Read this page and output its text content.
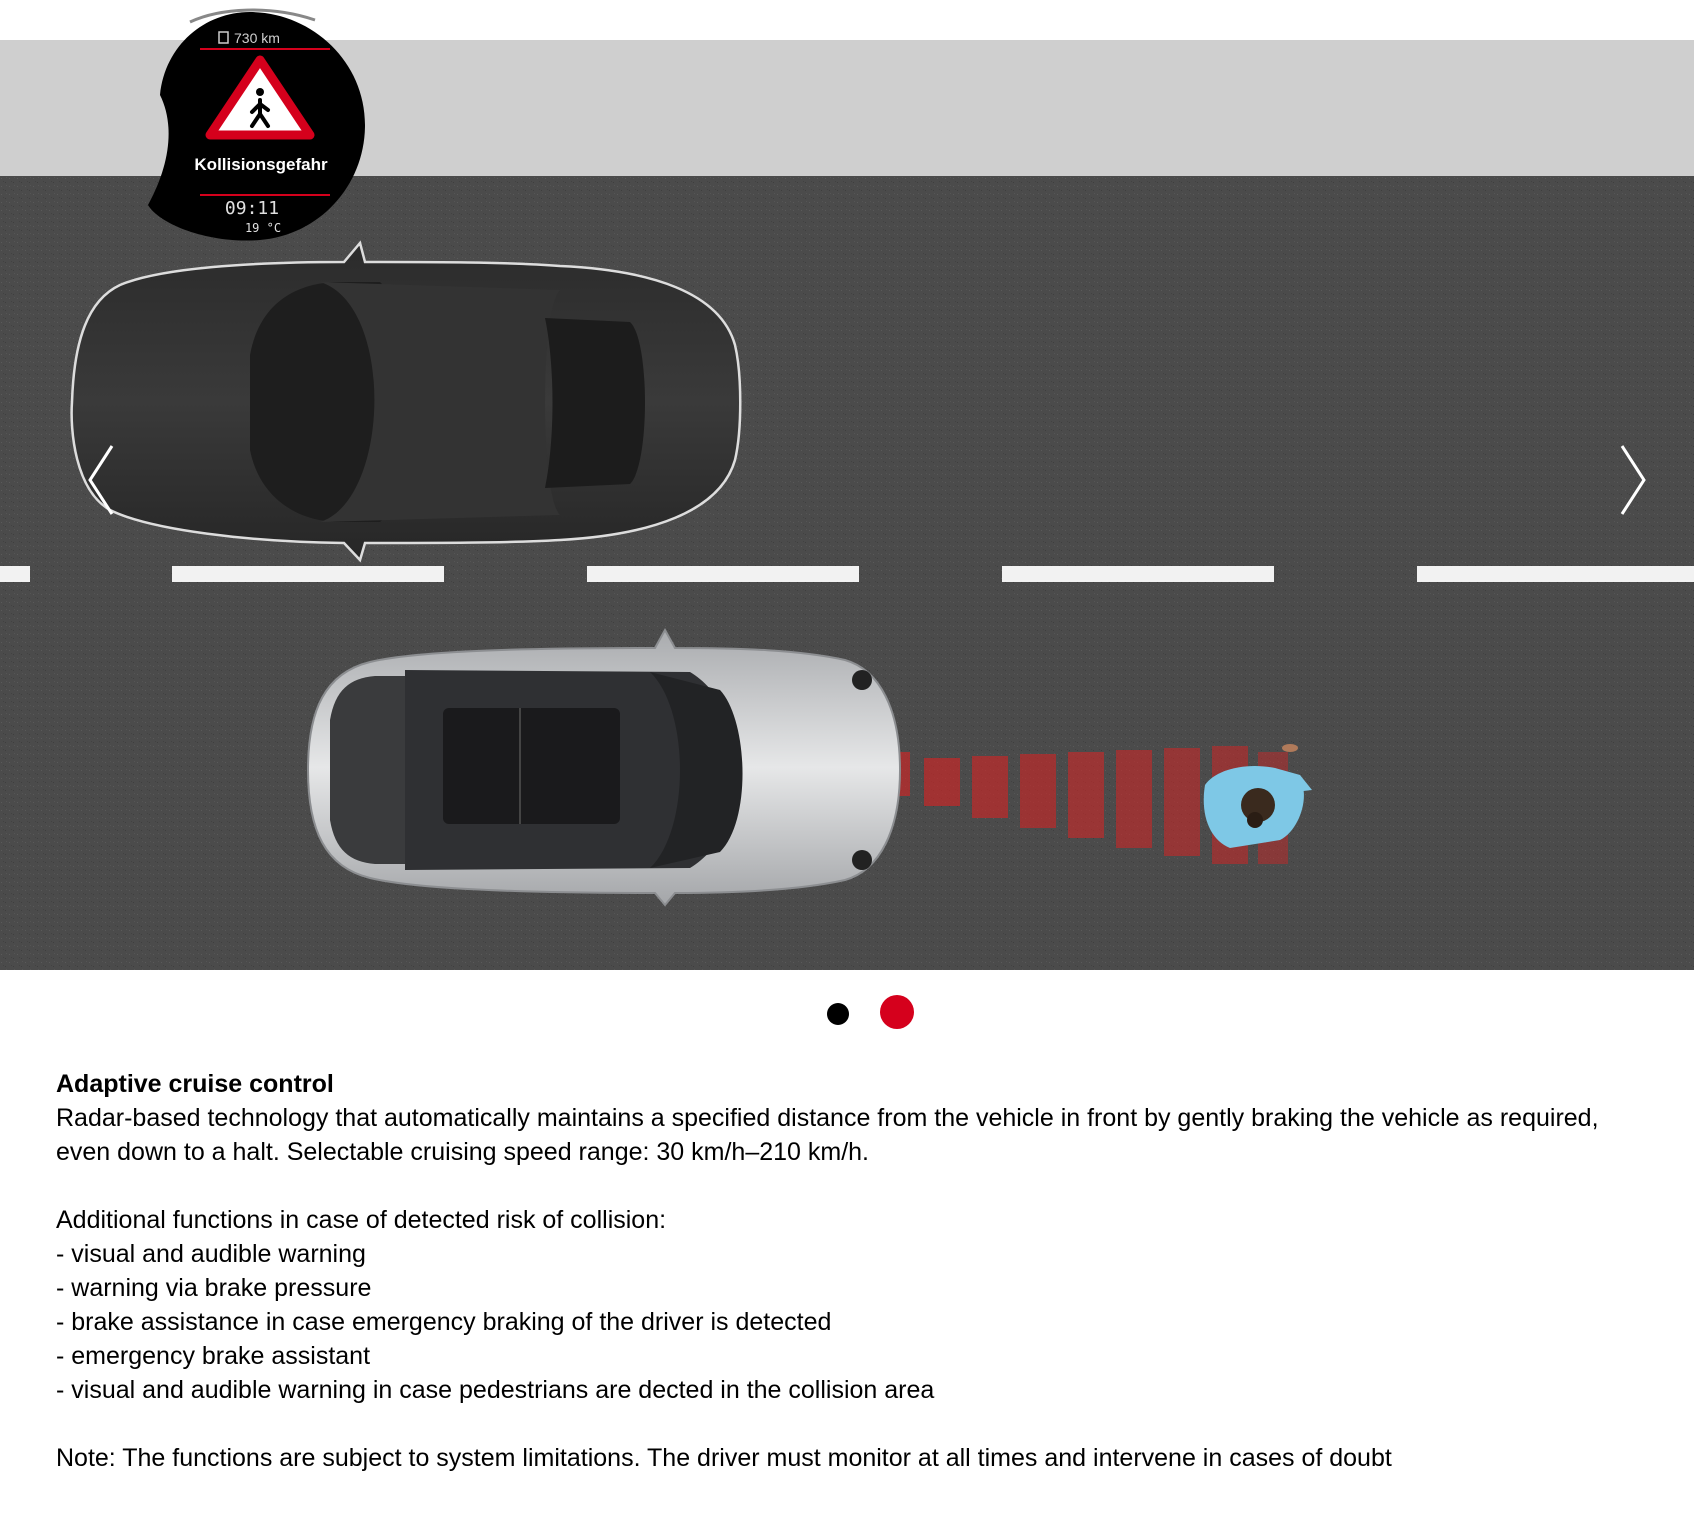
730 km
Kollisionsgefahr
09:11
19 °C

Adaptive cruise control

Radar-based technology that automatically maintains a specified distance from the vehicle in front by gently braking the vehicle as required,

even down to a halt. Selectable cruising speed range: 30 km/h–210 km/h.

Additional functions in case of detected risk of collision:

- visual and audible warning
- warning via brake pressure
- brake assistance in case emergency braking of the driver is detected
- emergency brake assistant
- visual and audible warning in case pedestrians are dected in the collision area

Note: The functions are subject to system limitations. The driver must monitor at all times and intervene in cases of doubt
